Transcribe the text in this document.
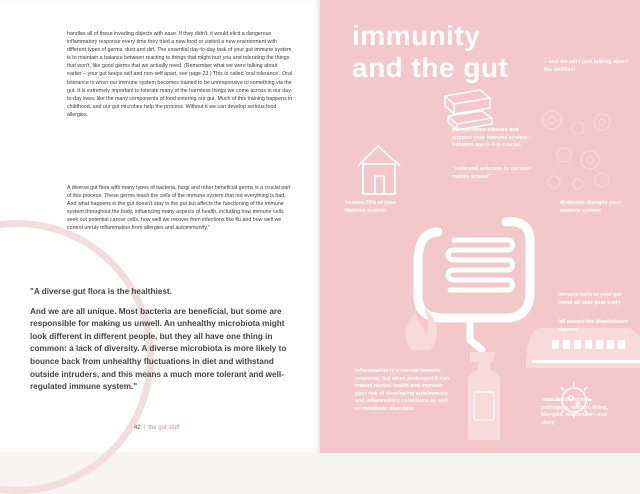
handles all of these invading objects with ease. If they didn't, it would elicit a dangerous inflammatory response every time they tried a new food or visited a new environment with different types of germs, dust and dirt. The essential day-to-day task of your gut immune system is to maintain a balance between reacting to things that might hurt you and tolerating the things that won't, like good germs that we actually need. (Remember what we were talking about earlier – your gut keeps self and non-self apart, see page 23.) This is called 'oral tolerance'. Oral tolerance is when our immune system becomes trained to be unresponsive to something via the gut. It is extremely important to tolerate many of the harmless things we come across in our day-to-day lives, like the many components of food entering our gut. Much of this training happens in childhood, and our gut microbes help the process. Without it we can develop serious food allergies.

A diverse gut flora with many types of bacteria, fungi and other beneficial germs is a crucial part of this process. These germs teach the cells of the immune system that not everything is bad. And what happens in the gut doesn't stay in the gut but affects the functioning of the immune system throughout the body, influencing many aspects of health, including how immune cells seek out potential cancer cells, how well we recover from infections like flu and how well we control unruly inflammation from allergies and autoimmunity."

"A diverse gut flora is the healthiest.

And we are all unique. Most bacteria are beneficial, but some are responsible for making us unwell. An unhealthy microbiota might look different in different people, but they all have one thing in common: a lack of diversity. A diverse microbiota is more likely to bounce back from unhealthy fluctuations in diet and withstand outside intruders, and this means a much more tolerant and well-regulated immune system."

42 | the gut stuff
immunity
and the gut	– and we ain't just talking about the sniffles!
gut microbes educate and support your immune system – between age 0–5 is crucial.
"hello and welcome to microbe middle school"
houses 70% of your immune system
dysbiosis disrupts your immune system
immune cells in your gut travel all over your body
'all aboard the bloodstream express'
inflammation is a normal immune response, but when prolonged it can impact mental health and increase your risk of developing autoimmune and inflammatory conditions as well as metabolic disorders.
impacted by stress, pathogens, modern living, allergies, medication, and sleep
